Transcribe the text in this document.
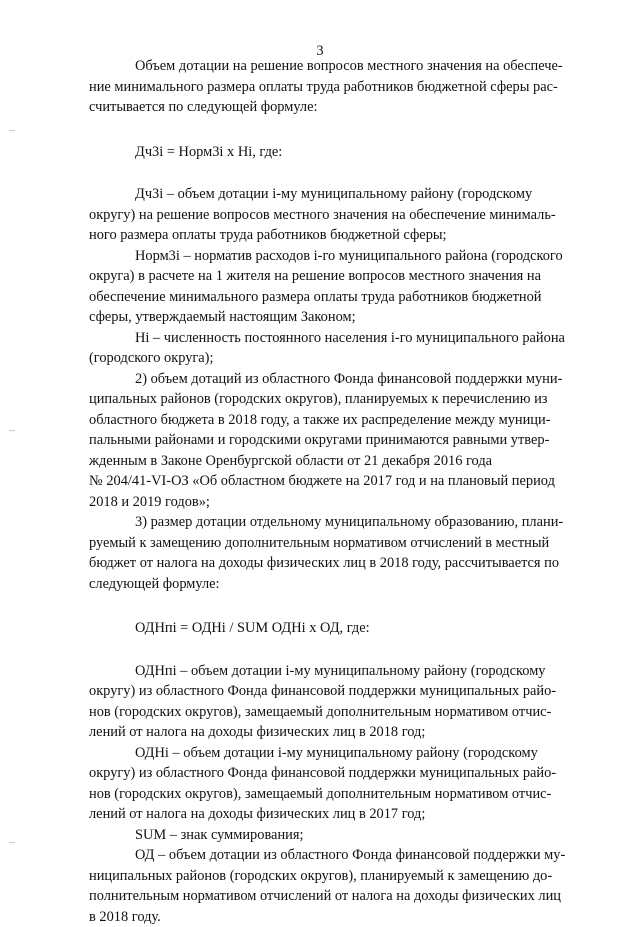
3

Объем дотации на решение вопросов местного значения на обеспече-
ние минимального размера оплаты труда работников бюджетной сферы рас-
считывается по следующей формуле:

Дч3i = Норм3i х Нi, где:

Дч3i – объем дотации i-му муниципальному району (городскому
округу) на решение вопросов местного значения на обеспечение минималь-
ного размера оплаты труда работников бюджетной сферы;

Норм3i – норматив расходов i-го муниципального района (городского
округа) в расчете на 1 жителя на решение вопросов местного значения на
обеспечение минимального размера оплаты труда работников бюджетной
сферы, утверждаемый настоящим Законом;

Нi – численность постоянного населения i-го муниципального района
(городского округа);

2) объем дотаций из областного Фонда финансовой поддержки муни-
ципальных районов (городских округов), планируемых к перечислению из
областного бюджета в 2018 году, а также их распределение между муници-
пальными районами и городскими округами принимаются равными утвер-
жденным в Законе Оренбургской области от 21 декабря 2016 года
№ 204/41-VI-ОЗ «Об областном бюджете на 2017 год и на плановый период
2018 и 2019 годов»;

3) размер дотации отдельному муниципальному образованию, плани-
руемый к замещению дополнительным нормативом отчислений в местный
бюджет от налога на доходы физических лиц в 2018 году, рассчитывается по
следующей формуле:

ОДНпi = ОДНi / SUM ОДНi х ОД, где:

ОДНпi – объем дотации i-му муниципальному району (городскому
округу) из областного Фонда финансовой поддержки муниципальных райо-
нов (городских округов), замещаемый дополнительным нормативом отчис-
лений от налога на доходы физических лиц в 2018 год;

ОДНi – объем дотации i-му муниципальному району (городскому
округу) из областного Фонда финансовой поддержки муниципальных райо-
нов (городских округов), замещаемый дополнительным нормативом отчис-
лений от налога на доходы физических лиц в 2017 год;

SUM – знак суммирования;

ОД – объем дотации из областного Фонда финансовой поддержки му-
ниципальных районов (городских округов), планируемый к замещению до-
полнительным нормативом отчислений от налога на доходы физических лиц
в 2018 году.
